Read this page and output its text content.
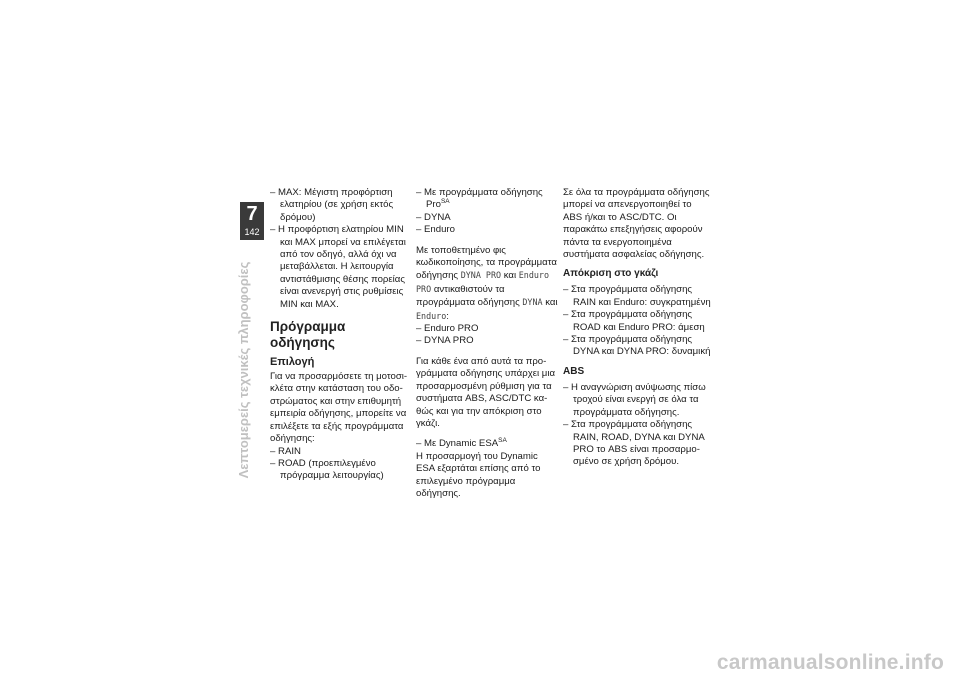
7
142
Λεπτομερείς τεχνικές πληροφορίες

– MAX: Μέγιστη προφόρτιση ελατηρίου (σε χρήση εκτός δρόμου)

– Η προφόρτιση ελατηρίου MIN και MAX μπορεί να επιλέγεται από τον οδηγό, αλλά όχι να μεταβάλλεται. Η λειτουργία αντιστάθμισης θέσης πορείας είναι ανενεργή στις ρυθμίσεις MIN και MAX.

Πρόγραμμα οδήγησης
Επιλογή

Για να προσαρμόσετε τη μοτοσικλέτα στην κατάσταση του οδοστρώματος και στην επιθυμητή εμπειρία οδήγησης, μπορείτε να επιλέξετε τα εξής προγράμματα οδήγησης:

– RAIN

– ROAD (προεπιλεγμένο πρόγραμμα λειτουργίας)

– Με προγράμματα οδήγησης Pro$^{SA}$

– DYNA

– Enduro

Με τοποθετημένο φις κωδικοποίησης, τα προγράμματα οδήγησης DYNA PRO και Enduro PRO αντικαθιστούν τα προγράμματα οδήγησης DYNA και Enduro:

– Enduro PRO

– DYNA PRO

Για κάθε ένα από αυτά τα προγράμματα οδήγησης υπάρχει μια προσαρμοσμένη ρύθμιση για τα συστήματα ABS, ASC/DTC καθώς και για την απόκριση στο γκάζι.

– Με Dynamic $ESA^{SA}$

Η προσαρμογή του Dynamic ESA εξαρτάται επίσης από το επιλεγμένο πρόγραμμα οδήγησης.

Σε όλα τα προγράμματα οδήγησης μπορεί να απενεργοποιηθεί το ABS ή/και το ASC/DTC. Οι παρακάτω επεξηγήσεις αφορούν πάντα τα ενεργοποιημένα συστήματα ασφαλείας οδήγησης.

Απόκριση στο γκάζι

– Στα προγράμματα οδήγησης RAIN και Enduro: συγκρατημένη

– Στα προγράμματα οδήγησης ROAD και Enduro PRO: άμεση

– Στα προγράμματα οδήγησης DYNA και DYNA PRO: δυναμική

ABS

– Η αναγνώριση ανύψωσης πίσω τροχού είναι ενεργή σε όλα τα προγράμματα οδήγησης.

– Στα προγράμματα οδήγησης RAIN, ROAD, DYNA και DYNA PRO το ABS είναι προσαρμοσμένο σε χρήση δρόμου.

carmanualsonline.info
